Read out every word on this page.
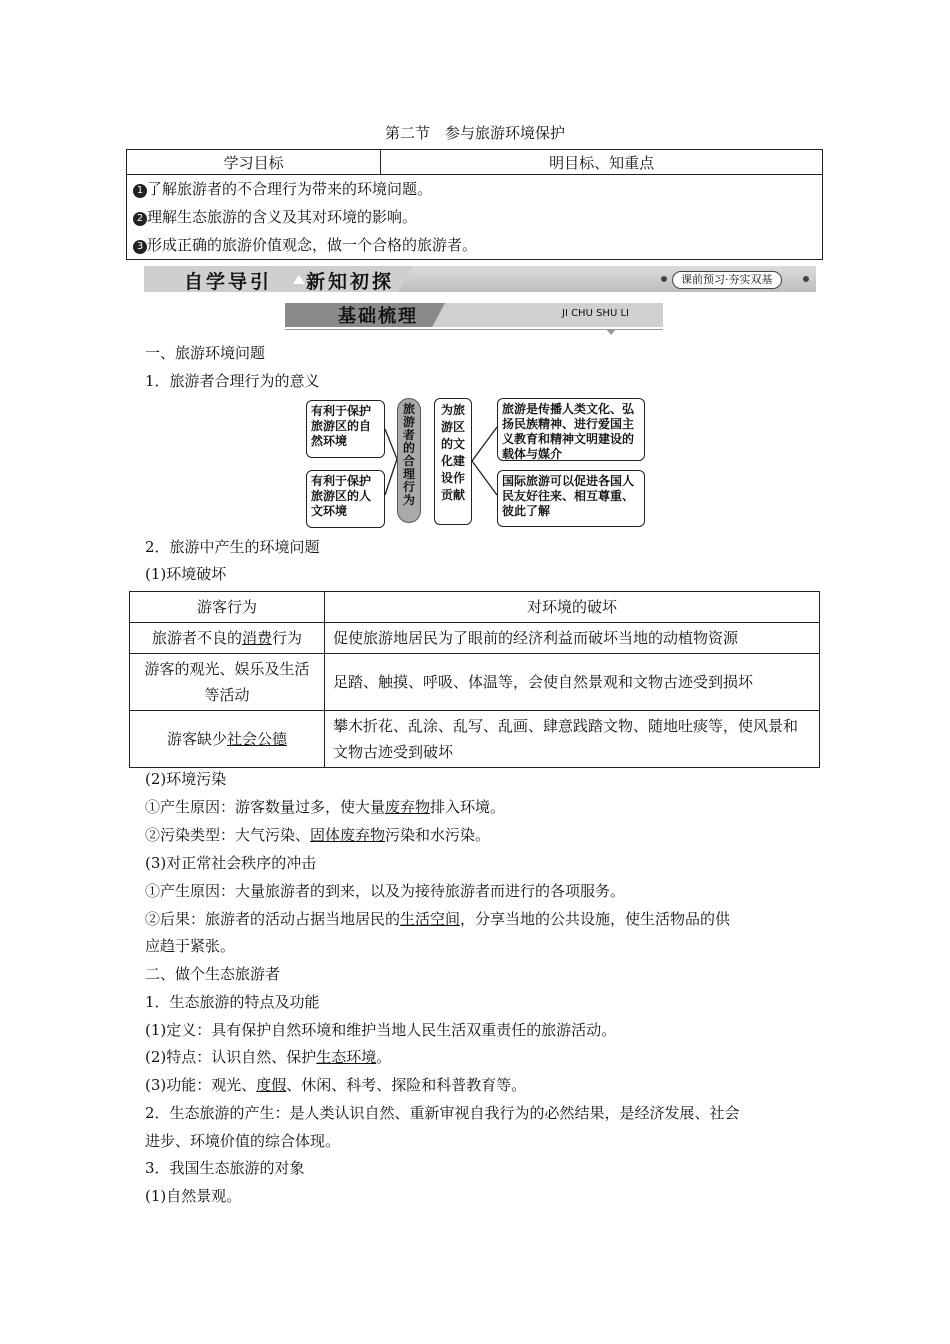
第二节　参与旅游环境保护
学习目标	明目标、知重点

1 了解旅游者的不合理行为带来的环境问题。
2 理解生态旅游的含义及其对环境的影响。
3 形成正确的旅游价值观念，做一个合格的旅游者。
自学导引 新知初探	课前预习·夯实双基
基础梳理	JI CHU SHU LI
一、旅游环境问题
1．旅游者合理行为的意义
有利于保护旅游区的自然环境
有利于保护旅游区的人文环境
旅游者的合理行为
为旅游区的文化建设作贡献
旅游是传播人类文化、弘扬民族精神、进行爱国主义教育和精神文明建设的载体与媒介
国际旅游可以促进各国人民友好往来、相互尊重、彼此了解
2．旅游中产生的环境问题
(1)环境破坏
游客行为	对环境的破坏
旅游者不良的消费行为	促使旅游地居民为了眼前的经济利益而破坏当地的动植物资源
游客的观光、娱乐及生活等活动	足踏、触摸、呼吸、体温等，会使自然景观和文物古迹受到损坏
游客缺少社会公德	攀木折花、乱涂、乱写、乱画、肆意践踏文物、随地吐痰等，使风景和文物古迹受到破坏
(2)环境污染
①产生原因：游客数量过多，使大量废弃物排入环境。
②污染类型：大气污染、固体废弃物污染和水污染。
(3)对正常社会秩序的冲击
①产生原因：大量旅游者的到来，以及为接待旅游者而进行的各项服务。
②后果：旅游者的活动占据当地居民的生活空间，分享当地的公共设施，使生活物品的供
应趋于紧张。
二、做个生态旅游者
1．生态旅游的特点及功能
(1)定义：具有保护自然环境和维护当地人民生活双重责任的旅游活动。
(2)特点：认识自然、保护生态环境。
(3)功能：观光、度假、休闲、科考、探险和科普教育等。
2．生态旅游的产生：是人类认识自然、重新审视自我行为的必然结果，是经济发展、社会
进步、环境价值的综合体现。
3．我国生态旅游的对象
(1)自然景观。
